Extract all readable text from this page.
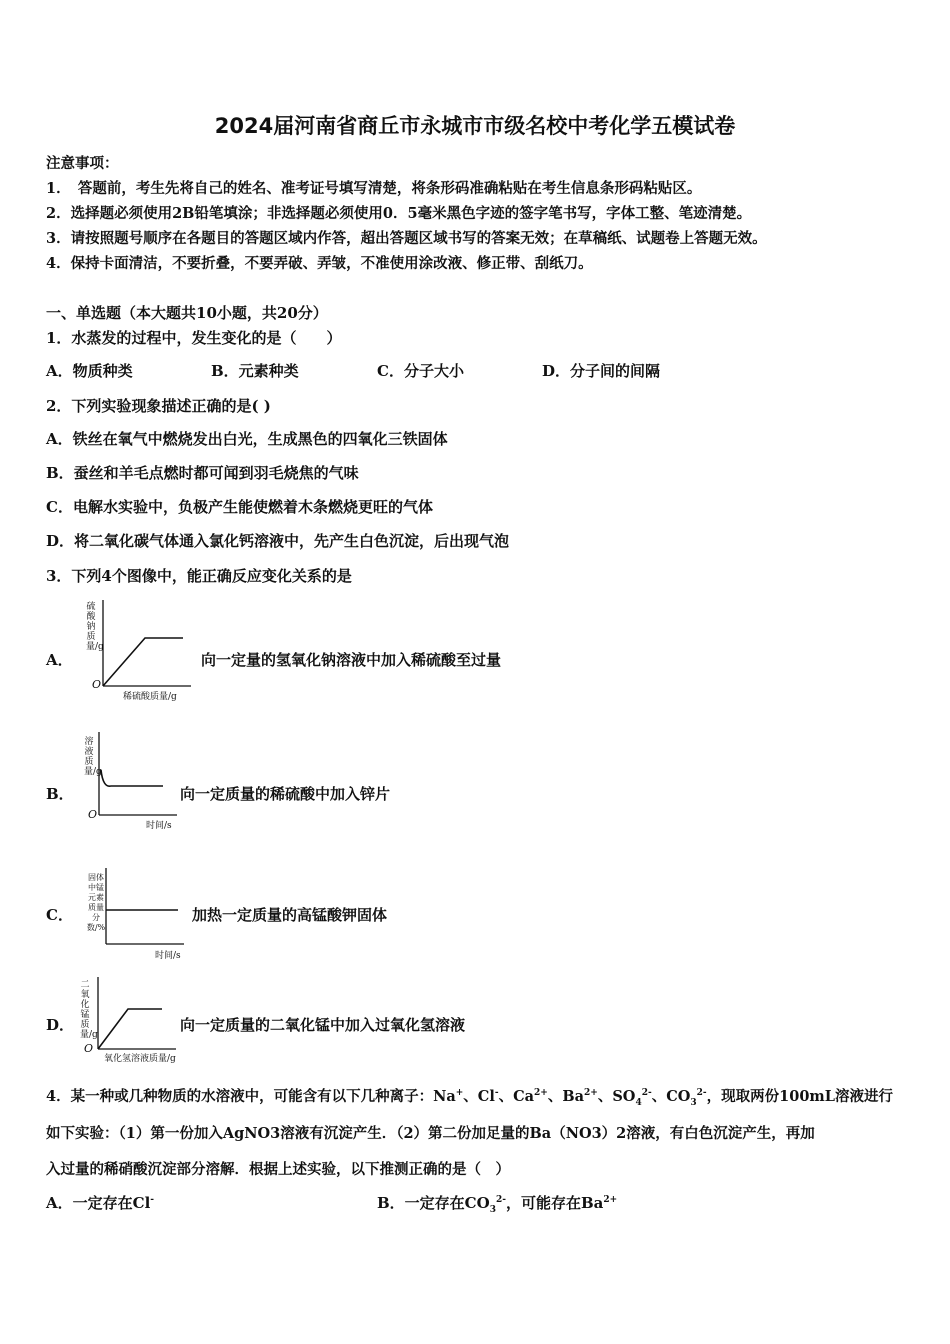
2024届河南省商丘市永城市市级名校中考化学五模试卷
注意事项：
1．　答题前，考生先将自己的姓名、准考证号填写清楚，将条形码准确粘贴在考生信息条形码粘贴区。
2．选择题必须使用2B铅笔填涂；非选择题必须使用0．5毫米黑色字迹的签字笔书写，字体工整、笔迹清楚。
3．请按照题号顺序在各题目的答题区域内作答，超出答题区域书写的答案无效；在草稿纸、试题卷上答题无效。
4．保持卡面清洁，不要折叠，不要弄破、弄皱，不准使用涂改液、修正带、刮纸刀。
一、单选题（本大题共10小题，共20分）
1．水蒸发的过程中，发生变化的是（　　）
A．物质种类	B．元素种类	C．分子大小	D．分子间的间隔
2．下列实验现象描述正确的是( )
A．铁丝在氧气中燃烧发出白光，生成黑色的四氧化三铁固体
B．蚕丝和羊毛点燃时都可闻到羽毛烧焦的气味
C．电解水实验中，负极产生能使燃着木条燃烧更旺的气体
D．将二氧化碳气体通入氯化钙溶液中，先产生白色沉淀，后出现气泡
3．下列4个图像中，能正确反应变化关系的是
A．
硫酸钠质量/g
O
稀硫酸质量/g
向一定量的氢氧化钠溶液中加入稀硫酸至过量
B．
溶液质量/g
O
时间/s
向一定质量的稀硫酸中加入锌片
C．
固体中锰元素质量分数/%
时间/s
加热一定质量的高锰酸钾固体
D．
二氧化锰质量/g
O
氧化氢溶液质量/g
向一定质量的二氧化锰中加入过氧化氢溶液
4．某一种或几种物质的水溶液中，可能含有以下几种离子：Na+、Cl-、$Ca^{2+}$、$Ba^{2+}$、$SO_4^{2-}$、$CO_3^{2-}$，现取两份100mL溶液进行
如下实验：（1）第一份加入AgNO3溶液有沉淀产生．（2）第二份加足量的Ba（NO3）2溶液，有白色沉淀产生，再加
入过量的稀硝酸沉淀部分溶解．根据上述实验，以下推测正确的是（　）
A．一定存在Cl-	B．一定存在$CO_3^{2-}$，可能存在$Ba^{2+}$
